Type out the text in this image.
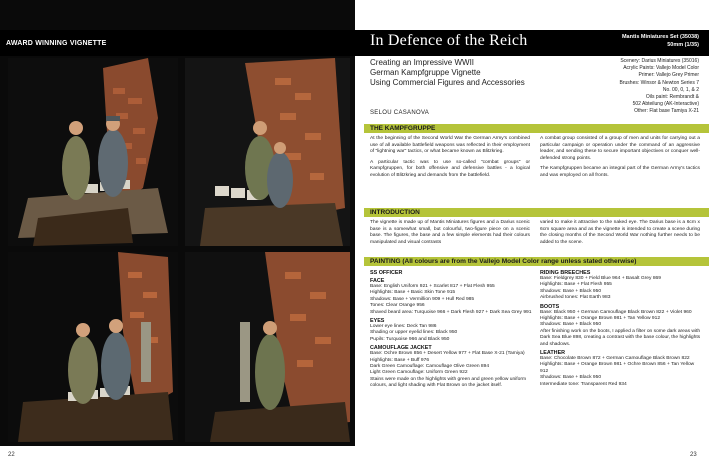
AWARD WINNING VIGNETTE
22
In Defence of the Reich	Mantis Miniatures Set (35038)
50mm (1/35)
Creating an Impressive WWII
German Kampfgruppe Vignette
Using Commercial Figures and Accessories
Scenery: Darius Miniatures (35016)
Acrylic Paints: Vallejo Model Color
Primer: Vallejo Grey Primer
Brushes: Winsor & Newton Series 7
No. 00, 0, 1, & 2
Oils paint: Rembrandt &
502 Abteilung (AK-Interactive)
Other: Flat base Tamiya X-21
SELOU CASANOVA
THE KAMPFGRUPPE
At the beginning of the Second World War the German Army's combined use of all available battlefield weapons was reflected in their employment of "lightning war" tactics, or what became known as Blitzkrieg.
A particular tactic was to use so-called "combat groups" or Kampfgruppen, for both offensive and defensive battles - a logical evolution of Blitzkrieg and demands from the battlefield.
A combat group consisted of a group of men and units for carrying out a particular campaign or operation under the command of an aggressive leader, and sending these to secure important objectives or conquer well-defended strong points.
The Kampfgruppen became an integral part of the German Army's tactics and was employed on all fronts.
INTRODUCTION
The vignette is made up of Mantis Miniatures figures and a Darius scenic base is a somewhat small, but colourful, two-figure piece on a scenic base. The figures, the base and a few simple elements had their colours manipulated and visual contrasts
varied to make it attractive to the naked eye. The Darius base is a 6cm x 6cm square area and as the vignette is intended to create a scene during the closing months of the Second World War nothing further needs to be added to the scene.
PAINTING (All colours are from the Vallejo Model Color range unless stated otherwise)
SS OFFICER
FACE
Base: English Uniform 921 + Scarlet 817 + Flat Flesh 955
Highlights: Base + Basic Skin Tone 915
Shadows: Base + Vermillion 909 + Hull Red 985
Tones: Clear Orange 956
Shaved beard area: Turquoise 966 + Dark Flesh 927 + Dark Sea Grey 991
EYES
Lower eye lines: Deck Tan 986
Shading or upper eyelid lines: Black 950
Pupils: Turquoise 966 and Black 950
CAMOUFLAGE JACKET
Base: Ochre Brown 856 + Desert Yellow 977 + Flat Base X-21 (Tamiya)
Highlights: Base + Buff 976
Dark Green Camouflage: Camouflage Olive Green 894
Light Green Camouflage: Uniform Green 922
Stains were made on the highlights with green and green yellow uniform colours, and light shading with Flat Brown on the jacket itself.
RIDING BREECHES
Base: Fieldgrey 830 + Field Blue 964 + Basalt Grey 869
Highlights: Base + Flat Flesh 955
Shadows: Base + Black 950
Airbrushed tones: Flat Earth 983
BOOTS
Base: Black 950 + German Camouflage Black Brown 822 + Violet 960
Highlights: Base + Orange Brown 981 + Tan Yellow 912
Shadows: Base + Black 950
After finishing work on the boots, I applied a filter on some dark areas with Dark Sea Blue 898, creating a contrast with the base colour, the highlights and shadows.
LEATHER
Base: Chocolate Brown 872 + German Camouflage Black Brown 822
Highlights: Base + Orange Brown 981 + Ochre Brown 856 + Tan Yellow 912
Shadows: Base + Black 950
Intermediate tone: Transparent Red 934
23
